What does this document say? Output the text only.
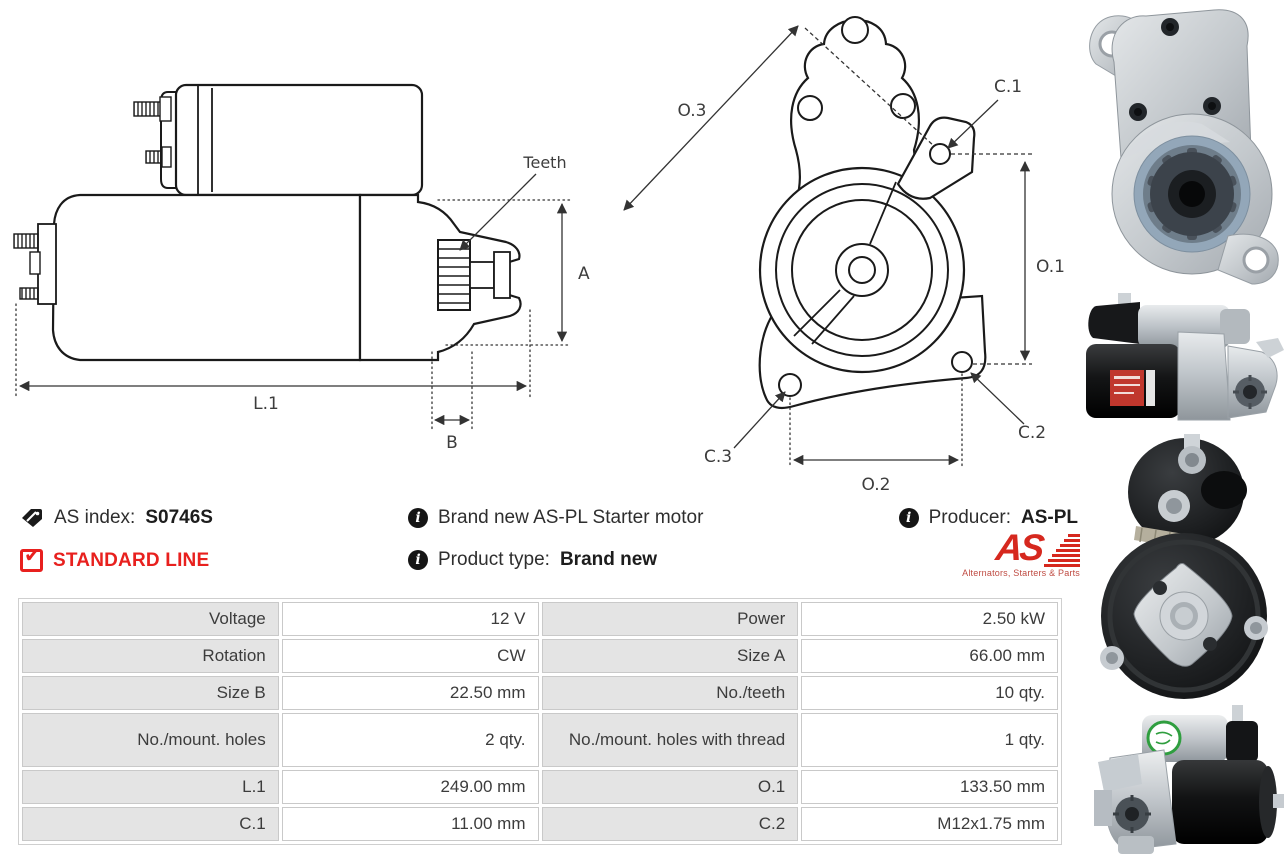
Teeth
A
L.1
B
O.3
C.1
O.1
C.2
C.3
O.2
AS index: S0746S i	Brand new AS-PL Starter motor i	Producer: AS-PL
✔
STANDARD LINE i	Product type: Brand new	AS
Alternators, Starters & Parts
Voltage	12 V	Power	2.50 kW
Rotation	CW	Size A	66.00 mm
Size B	22.50 mm	No./teeth	10 qty.
No./mount. holes	2 qty.	No./mount. holes with thread	1 qty.
L.1	249.00 mm	O.1	133.50 mm
C.1	11.00 mm	C.2	M12x1.75 mm
